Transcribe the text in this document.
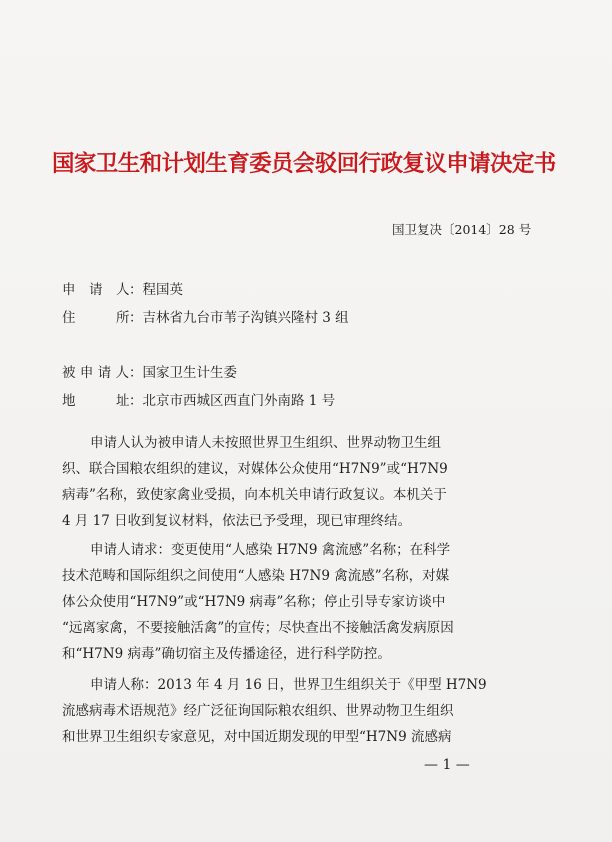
国家卫生和计划生育委员会驳回行政复议申请决定书
国卫复决〔2014〕28 号
申　请　人：程国英
住　　　所：吉林省九台市苇子沟镇兴隆村 3 组
被 申 请 人：国家卫生计生委
地　　　址：北京市西城区西直门外南路 1 号
申请人认为被申请人未按照世界卫生组织、世界动物卫生组
织、联合国粮农组织的建议，对媒体公众使用“H7N9”或“H7N9
病毒”名称，致使家禽业受损，向本机关申请行政复议。本机关于
4 月 17 日收到复议材料，依法已予受理，现已审理终结。
申请人请求：变更使用“人感染 H7N9 禽流感”名称；在科学
技术范畴和国际组织之间使用“人感染 H7N9 禽流感”名称，对媒
体公众使用“H7N9”或“H7N9 病毒”名称；停止引导专家访谈中
“远离家禽，不要接触活禽”的宣传；尽快查出不接触活禽发病原因
和“H7N9 病毒”确切宿主及传播途径，进行科学防控。
申请人称：2013 年 4 月 16 日，世界卫生组织关于《甲型 H7N9
流感病毒术语规范》经广泛征询国际粮农组织、世界动物卫生组织
和世界卫生组织专家意见，对中国近期发现的甲型“H7N9 流感病
— 1 —
